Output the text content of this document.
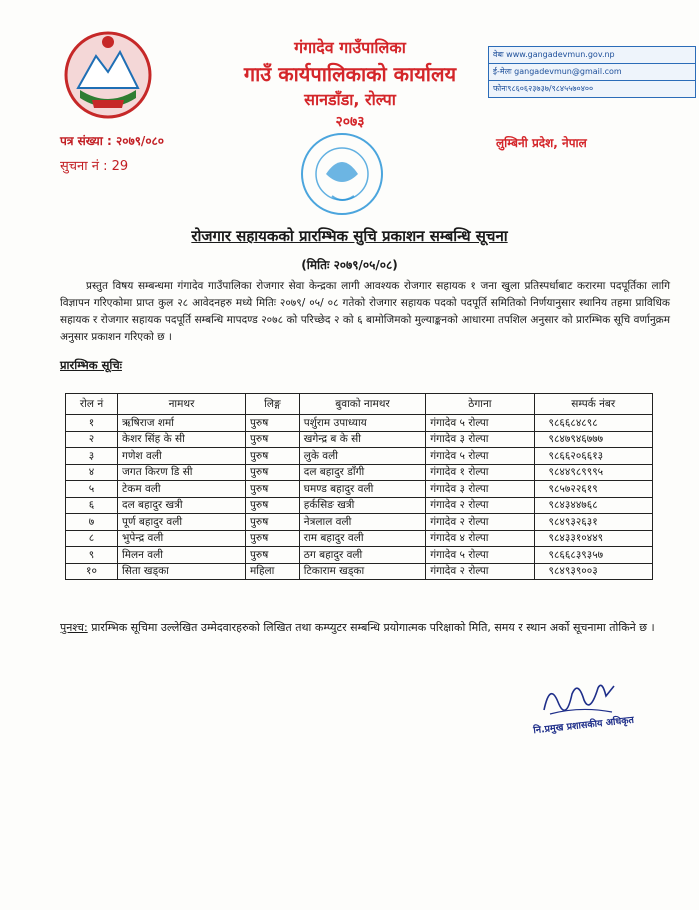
गंगादेव गाउँपालिका
गाउँ कार्यपालिकाको कार्यालय
सानडाँडा, रोल्पा
२०७३
वेबः www.gangadevmun.gov.np
ई-मेलः gangadevmun@gmail.com
फोनः९८६०६२३७३७/९८४५५७०४००
पत्र संख्या : २०७९/०८०
सुचना नं : 29
लुम्बिनी प्रदेश, नेपाल
रोजगार सहायकको प्रारम्भिक सुचि प्रकाशन सम्बन्धि सूचना
(मितिः २०७९/०५/०८)
प्रस्तुत विषय सम्बन्धमा गंगादेव गाउँपालिका रोजगार सेवा केन्द्रका लागी आवश्यक रोजगार सहायक १ जना खुला प्रतिस्पर्धाबाट करारमा पदपूर्तिका लागि विज्ञापन गरिएकोमा प्राप्त कुल २८ आवेदनहरु मध्ये मितिः २०७९/ ०५/ ०८ गतेको रोजगार सहायक पदको पदपूर्ति समितिको निर्णयानुसार स्थानिय तहमा प्राविधिक सहायक र रोजगार सहायक पदपूर्ति सम्बन्धि मापदण्ड २०७८ को परिच्छेद २ को ६ बामोजिमको मुल्याङ्कनको आधारमा तपशिल अनुसार को प्रारम्भिक सूचि वर्णानुक्रम अनुसार प्रकाशन गरिएको छ ।
प्रारम्भिक सूचिः
रोल नं	नामथर	लिङ्ग	बुवाको नामथर	ठेगाना	सम्पर्क नंबर
१	ऋषिराज शर्मा	पुरुष	पर्शुराम उपाध्याय	गंगादेव ५ रोल्पा	९८६६८४८९८
२	केशर सिंह के सी	पुरुष	खगेन्द्र ब के सी	गंगादेव ३ रोल्पा	९८४७९४६७७७
३	गणेश वली	पुरुष	लुके वली	गंगादेव ५ रोल्पा	९८६६२०६६१३
४	जगत किरण डि सी	पुरुष	दल बहादुर डाँगी	गंगादेव १ रोल्पा	९८४४९८९९९५
५	टेकम वली	पुरुष	घमण्ड बहादुर वली	गंगादेव ३ रोल्पा	९८५७२२६१९
६	दल बहादुर खत्री	पुरुष	हर्कसिङ खत्री	गंगादेव २ रोल्पा	९८४३४४७६८
७	पूर्ण बहादुर वली	पुरुष	नेत्रलाल वली	गंगादेव २ रोल्पा	९८४९३२६३१
८	भुपेन्द्र वली	पुरुष	राम बहादुर वली	गंगादेव ४ रोल्पा	९८४३३१०४४९
९	मिलन वली	पुरुष	ठग बहादुर वली	गंगादेव ५ रोल्पा	९८६६८३९३५७
१०	सिता खड्का	महिला	टिकाराम खड्का	गंगादेव २ रोल्पा	९८४९३९००३
पुनश्च: प्रारम्भिक सूचिमा उल्लेखित उम्मेदवारहरुको लिखित तथा कम्प्युटर सम्बन्धि प्रयोगात्मक परिक्षाको मिति, समय र स्थान अर्को सूचनामा तोकिने छ ।
नि.प्रमुख प्रशासकीय अधिकृत
